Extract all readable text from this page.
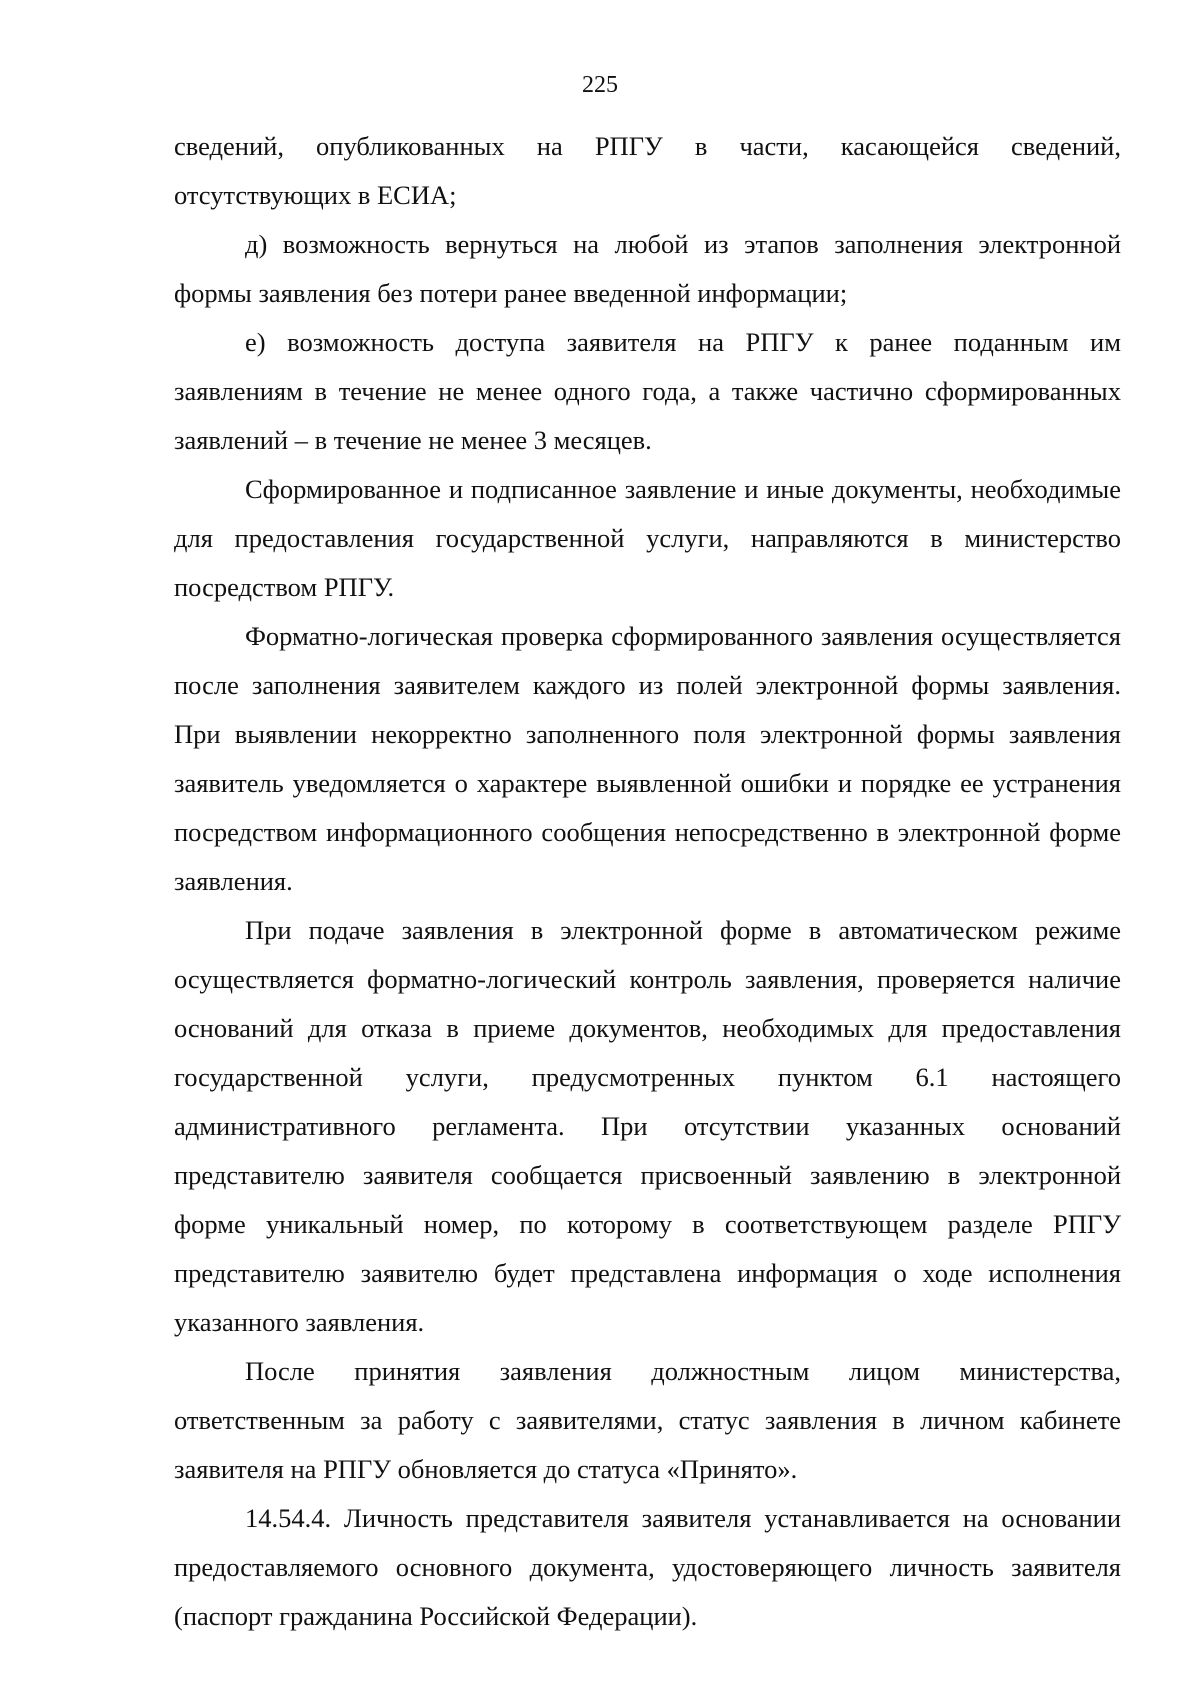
225

сведений, опубликованных на РПГУ в части, касающейся сведений, отсутствующих в ЕСИА;

д) возможность вернуться на любой из этапов заполнения электронной формы заявления без потери ранее введенной информации;

е) возможность доступа заявителя на РПГУ к ранее поданным им заявлениям в течение не менее одного года, а также частично сформированных заявлений – в течение не менее 3 месяцев.

Сформированное и подписанное заявление и иные документы, необходимые для предоставления государственной услуги, направляются в министерство посредством РПГУ.

Форматно-логическая проверка сформированного заявления осуществляется после заполнения заявителем каждого из полей электронной формы заявления. При выявлении некорректно заполненного поля электронной формы заявления заявитель уведомляется о характере выявленной ошибки и порядке ее устранения посредством информационного сообщения непосредственно в электронной форме заявления.

При подаче заявления в электронной форме в автоматическом режиме осуществляется форматно-логический контроль заявления, проверяется наличие оснований для отказа в приеме документов, необходимых для предоставления государственной услуги, предусмотренных пунктом 6.1 настоящего административного регламента. При отсутствии указанных оснований представителю заявителя сообщается присвоенный заявлению в электронной форме уникальный номер, по которому в соответствующем разделе РПГУ представителю заявителю будет представлена информация о ходе исполнения указанного заявления.

После принятия заявления должностным лицом министерства, ответственным за работу с заявителями, статус заявления в личном кабинете заявителя на РПГУ обновляется до статуса «Принято».

14.54.4. Личность представителя заявителя устанавливается на основании предоставляемого основного документа, удостоверяющего личность заявителя (паспорт гражданина Российской Федерации).
